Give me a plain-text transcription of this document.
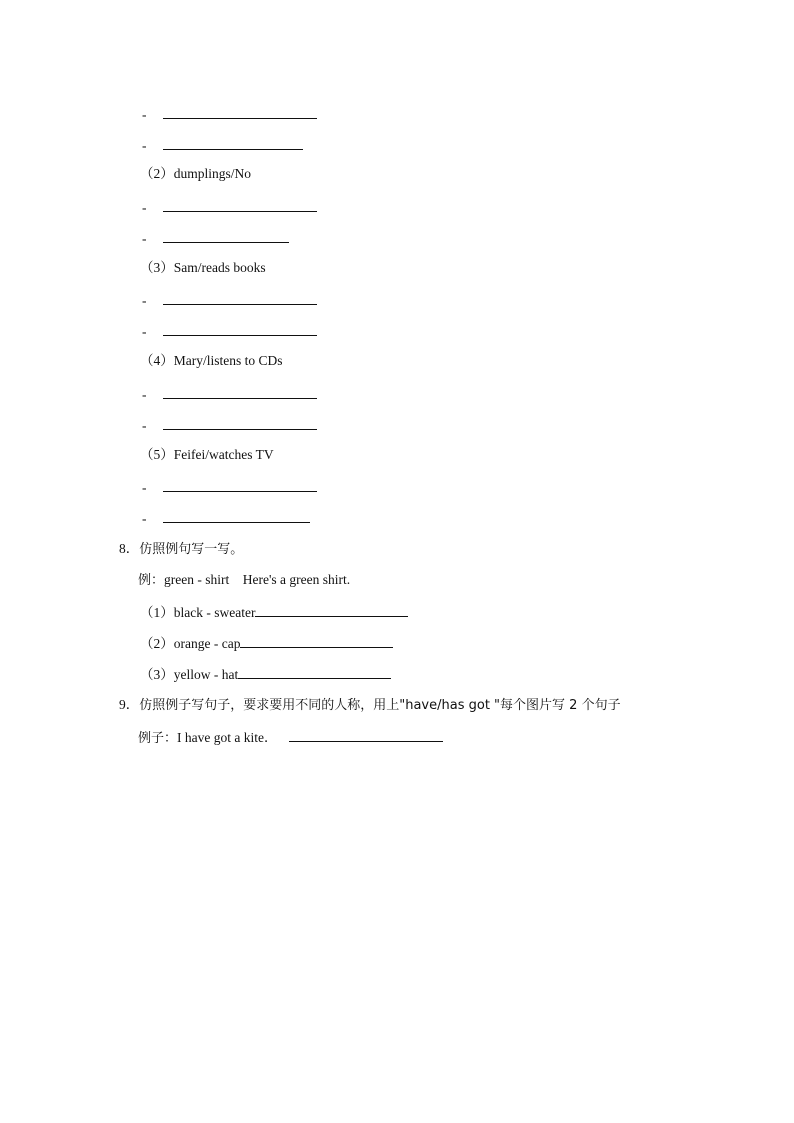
-
-
（2）dumplings/No
-
-
（3）Sam/reads books
-
-
（4）Mary/listens to CDs
-
-
（5）Feifei/watches TV
-
-
8．仿照例句写一写。
例：green - shirt    Here's a green shirt.
（1）black - sweater
（2）orange - cap
（3）yellow - hat
9．仿照例子写句子，要求要用不同的人称，用上"have/has got "每个图片写 2 个句子
例子：I have got a kite．
